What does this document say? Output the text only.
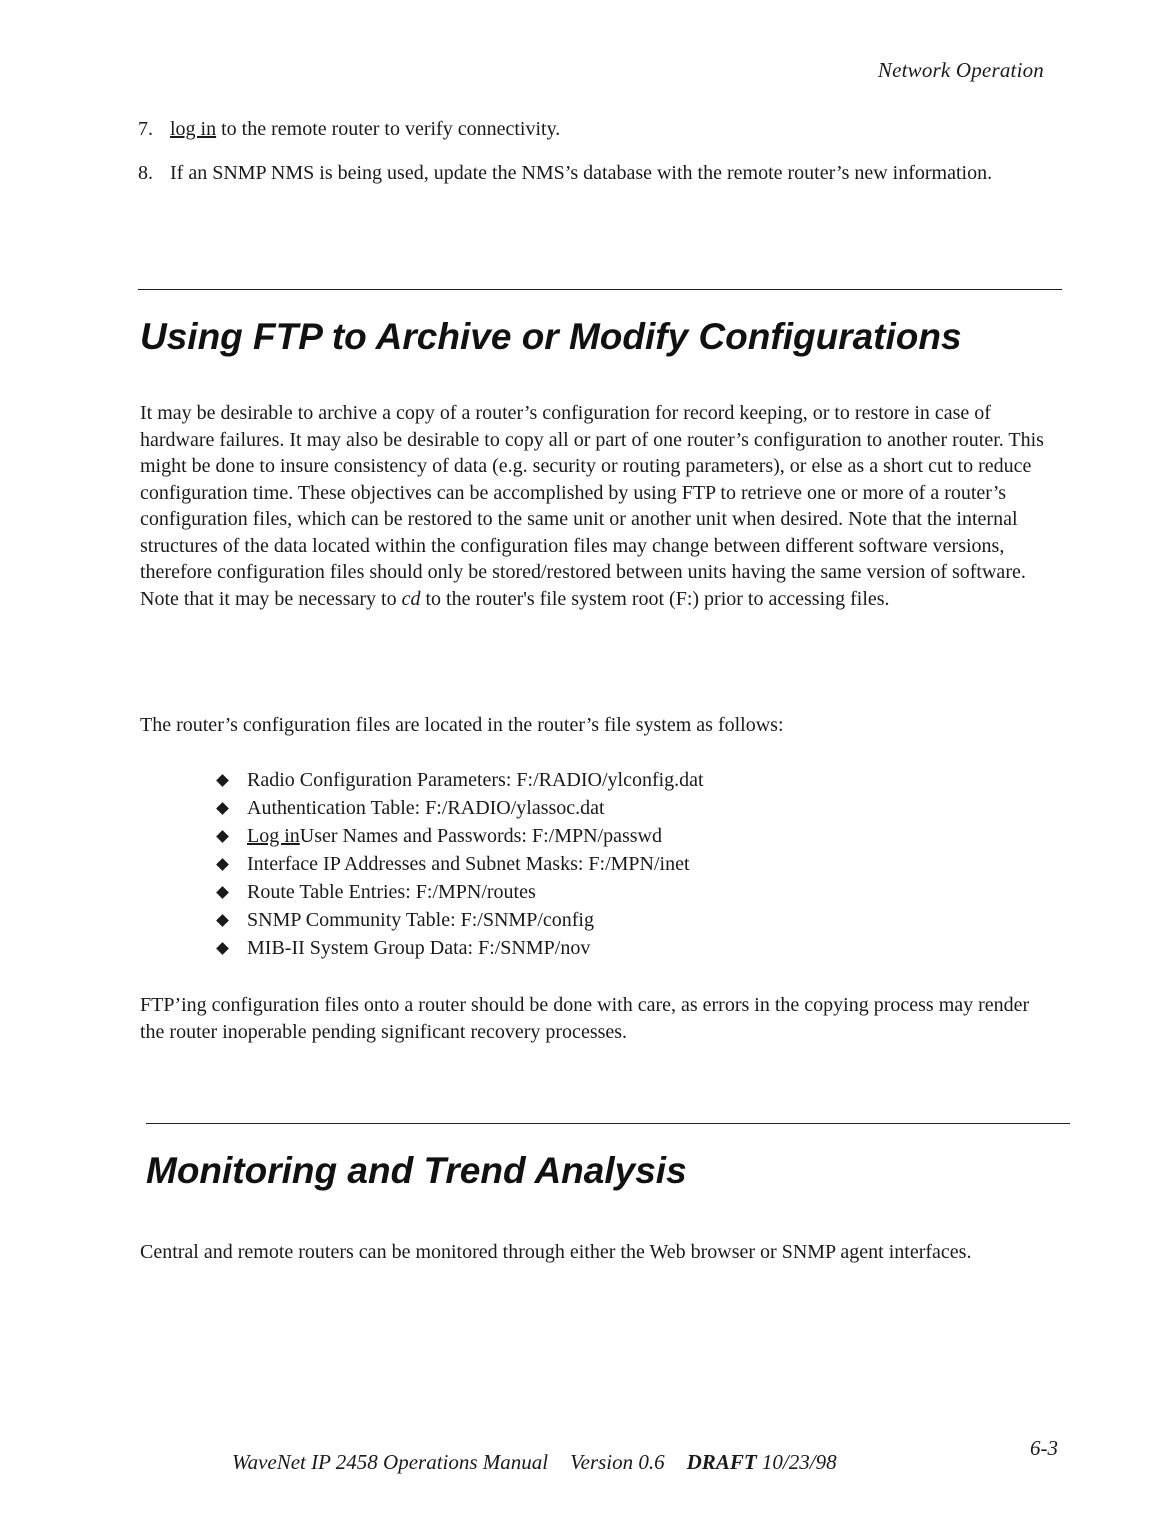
Network Operation
7. log in to the remote router to verify connectivity.
8. If an SNMP NMS is being used, update the NMS’s database with the remote router’s new information.
Using FTP to Archive or Modify Configurations

It may be desirable to archive a copy of a router’s configuration for record keeping, or to restore in case of hardware failures. It may also be desirable to copy all or part of one router’s configuration to another router. This might be done to insure consistency of data (e.g. security or routing parameters), or else as a short cut to reduce configuration time. These objectives can be accomplished by using FTP to retrieve one or more of a router’s configuration files, which can be restored to the same unit or another unit when desired. Note that the internal structures of the data located within the configuration files may change between different software versions, therefore configuration files should only be stored/restored between units having the same version of software. Note that it may be necessary to cd to the router's file system root (F:) prior to accessing files.

The router’s configuration files are located in the router’s file system as follows:

Radio Configuration Parameters: F:/RADIO/ylconfig.dat
Authentication Table: F:/RADIO/ylassoc.dat
Log in User Names and Passwords: F:/MPN/passwd
Interface IP Addresses and Subnet Masks: F:/MPN/inet
Route Table Entries: F:/MPN/routes
SNMP Community Table: F:/SNMP/config
MIB-II System Group Data: F:/SNMP/nov

FTP’ing configuration files onto a router should be done with care, as errors in the copying process may render the router inoperable pending significant recovery processes.

Monitoring and Trend Analysis

Central and remote routers can be monitored through either the Web browser or SNMP agent interfaces.

WaveNet IP 2458 Operations Manual Version 0.6 DRAFT 10/23/98
6-3
